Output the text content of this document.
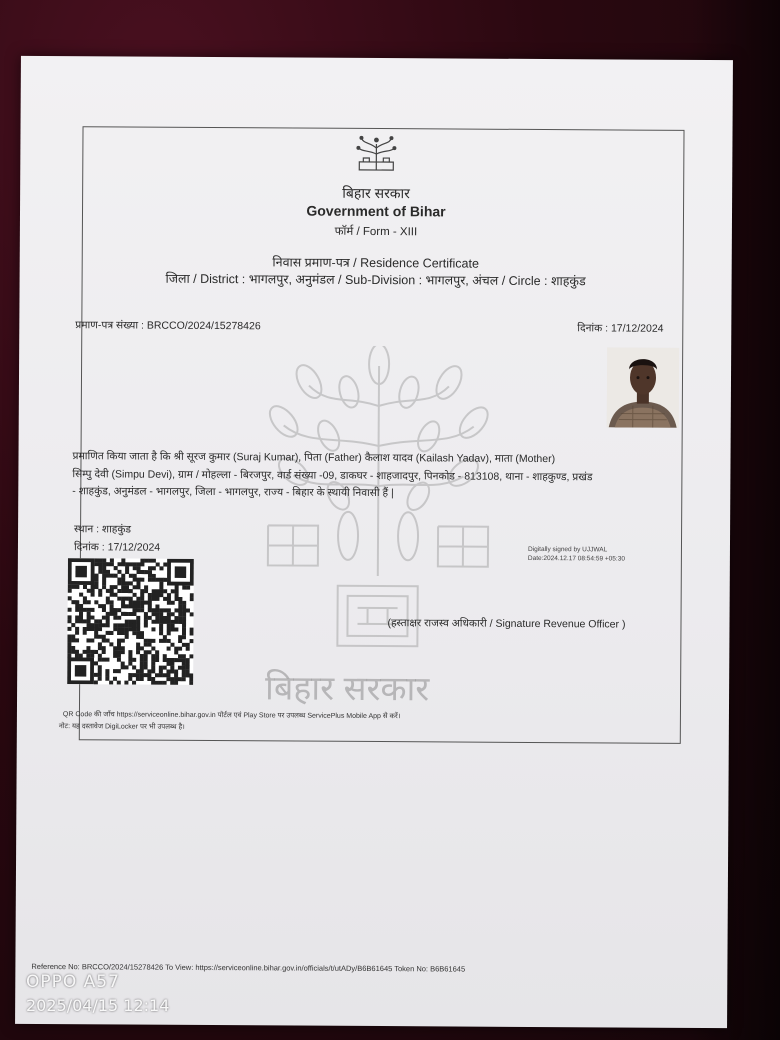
बिहार सरकार
Government of Bihar
फॉर्म / Form - XIII
निवास प्रमाण-पत्र / Residence Certificate
जिला / District : भागलपुर, अनुमंडल / Sub-Division : भागलपुर, अंचल / Circle : शाहकुंड
प्रमाण-पत्र संख्या : BRCCO/2024/15278426	दिनांक : 17/12/2024
प्रमाणित किया जाता है कि श्री सूरज कुमार (Suraj Kumar), पिता (Father) कैलाश यादव (Kailash Yadav), माता (Mother)
सिम्पु देवी (Simpu Devi), ग्राम / मोहल्ला - बिरजपुर, वार्ड संख्या -09, डाकघर - शाहजादपुर, पिनकोड - 813108, थाना - शाहकुण्ड, प्रखंड
- शाहकुंड, अनुमंडल - भागलपुर, जिला - भागलपुर, राज्य - बिहार के स्थायी निवासी हैं |
स्थान : शाहकुंड
दिनांक : 17/12/2024	Digitally signed by UJJWAL
Date:2024.12.17 08:54:59 +05:30
(हस्ताक्षर राजस्व अधिकारी / Signature Revenue Officer )
बिहार सरकार
QR Code की जाँच https://serviceonline.bihar.gov.in पोर्टल एवं Play Store पर उपलब्ध ServicePlus Mobile App से करें।
नोट: यह दस्तावेज DigiLocker पर भी उपलब्ध है।
Reference No: BRCCO/2024/15278426 To View: https://serviceonline.bihar.gov.in/officials/t/utADy/B6B61645 Token No: B6B61645
OPPO A57
2025/04/15 12:14
